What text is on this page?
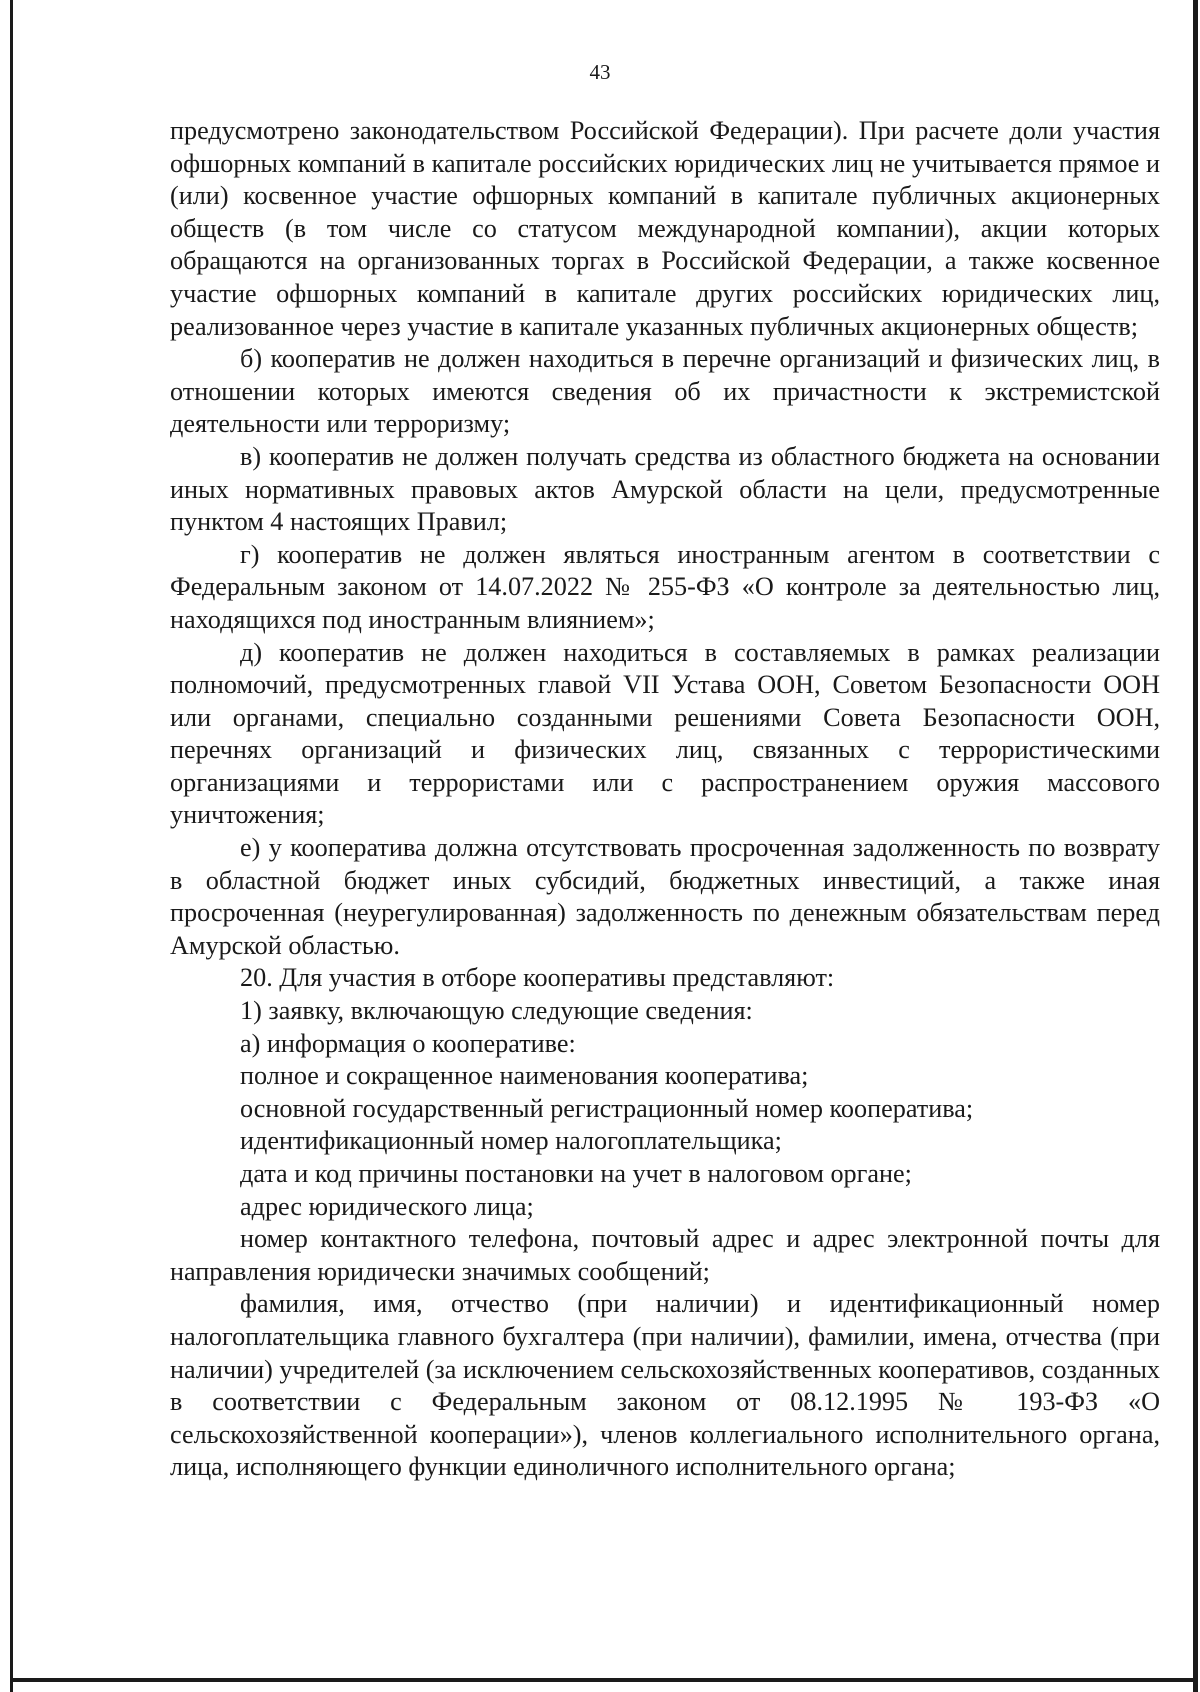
43

предусмотрено законодательством Российской Федерации). При расчете доли участия офшорных компаний в капитале российских юридических лиц не учитывается прямое и (или) косвенное участие офшорных компаний в капитале публичных акционерных обществ (в том числе со статусом международной компании), акции которых обращаются на организованных торгах в Российской Федерации, а также косвенное участие офшорных компаний в капитале других российских юридических лиц, реализованное через участие в капитале указанных публичных акционерных обществ;

б) кооператив не должен находиться в перечне организаций и физических лиц, в отношении которых имеются сведения об их причастности к экстремистской деятельности или терроризму;

в) кооператив не должен получать средства из областного бюджета на основании иных нормативных правовых актов Амурской области на цели, предусмотренные пунктом 4 настоящих Правил;

г) кооператив не должен являться иностранным агентом в соответствии с Федеральным законом от 14.07.2022 № 255-ФЗ «О контроле за деятельностью лиц, находящихся под иностранным влиянием»;

д) кооператив не должен находиться в составляемых в рамках реализации полномочий, предусмотренных главой VII Устава ООН, Советом Безопасности ООН или органами, специально созданными решениями Совета Безопасности ООН, перечнях организаций и физических лиц, связанных с террористическими организациями и террористами или с распространением оружия массового уничтожения;

е) у кооператива должна отсутствовать просроченная задолженность по возврату в областной бюджет иных субсидий, бюджетных инвестиций, а также иная просроченная (неурегулированная) задолженность по денежным обязательствам перед Амурской областью.

20. Для участия в отборе кооперативы представляют:

1) заявку, включающую следующие сведения:

а) информация о кооперативе:

полное и сокращенное наименования кооператива;

основной государственный регистрационный номер кооператива;

идентификационный номер налогоплательщика;

дата и код причины постановки на учет в налоговом органе;

адрес юридического лица;

номер контактного телефона, почтовый адрес и адрес электронной почты для направления юридически значимых сообщений;

фамилия, имя, отчество (при наличии) и идентификационный номер налогоплательщика главного бухгалтера (при наличии), фамилии, имена, отчества (при наличии) учредителей (за исключением сельскохозяйственных кооперативов, созданных в соответствии с Федеральным законом от 08.12.1995 № 193-ФЗ «О сельскохозяйственной кооперации»), членов коллегиального исполнительного органа, лица, исполняющего функции единоличного исполнительного органа;
